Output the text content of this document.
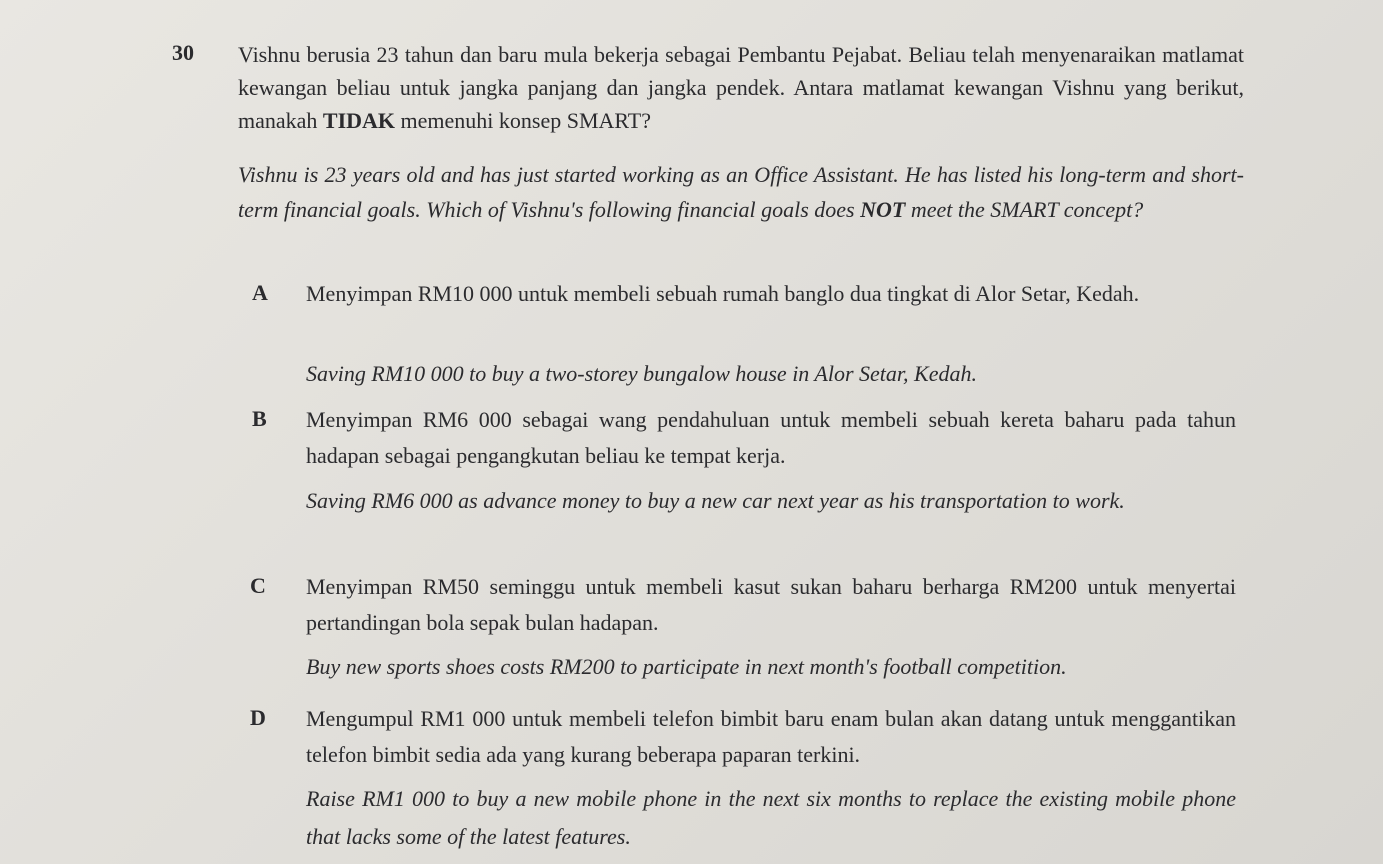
30 Vishnu berusia 23 tahun dan baru mula bekerja sebagai Pembantu Pejabat. Beliau telah menyenaraikan matlamat kewangan beliau untuk jangka panjang dan jangka pendek. Antara matlamat kewangan Vishnu yang berikut, manakah TIDAK memenuhi konsep SMART?
Vishnu is 23 years old and has just started working as an Office Assistant. He has listed his long-term and short-term financial goals. Which of Vishnu's following financial goals does NOT meet the SMART concept?
A Menyimpan RM10 000 untuk membeli sebuah rumah banglo dua tingkat di Alor Setar, Kedah.
Saving RM10 000 to buy a two-storey bungalow house in Alor Setar, Kedah.
B Menyimpan RM6 000 sebagai wang pendahuluan untuk membeli sebuah kereta baharu pada tahun hadapan sebagai pengangkutan beliau ke tempat kerja.
Saving RM6 000 as advance money to buy a new car next year as his transportation to work.
C Menyimpan RM50 seminggu untuk membeli kasut sukan baharu berharga RM200 untuk menyertai pertandingan bola sepak bulan hadapan.
Buy new sports shoes costs RM200 to participate in next month's football competition.
D Mengumpul RM1 000 untuk membeli telefon bimbit baru enam bulan akan datang untuk menggantikan telefon bimbit sedia ada yang kurang beberapa paparan terkini.
Raise RM1 000 to buy a new mobile phone in the next six months to replace the existing mobile phone that lacks some of the latest features.
